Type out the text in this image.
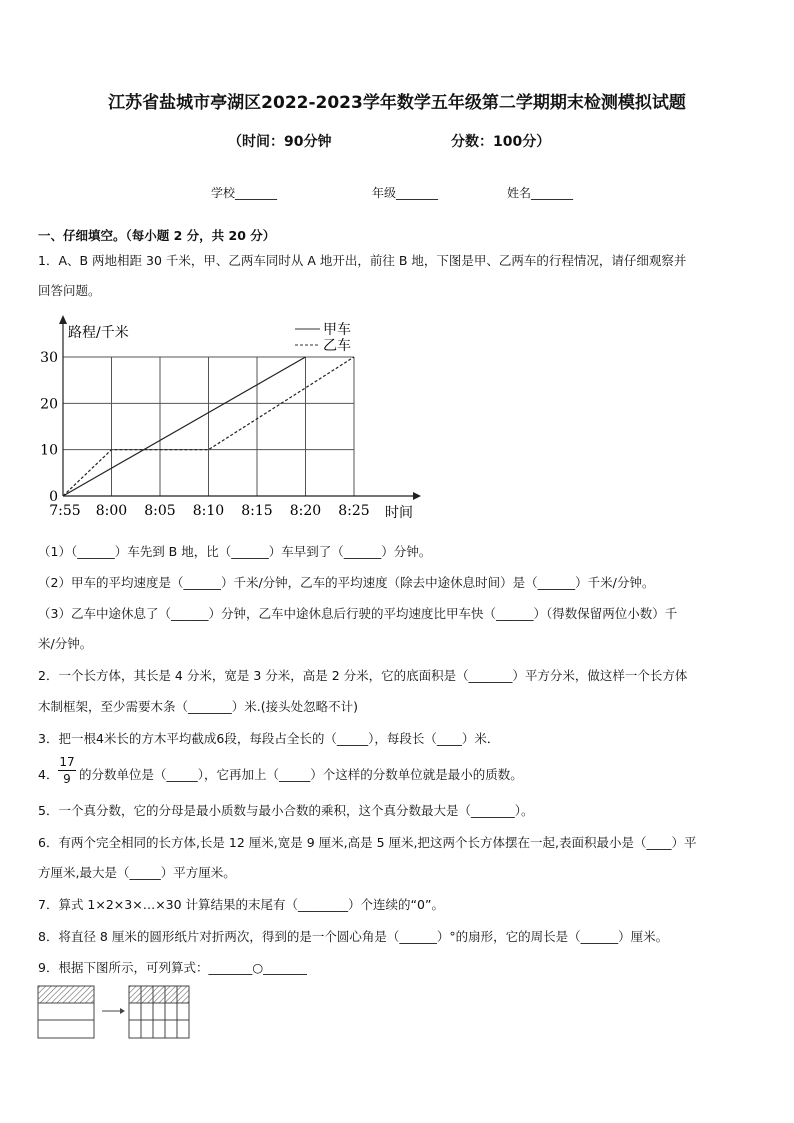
江苏省盐城市亭湖区2022-2023学年数学五年级第二学期期末检测模拟试题
（时间：90分钟	分数：100分）
学校_______	年级_______	姓名_______
一、仔细填空。（每小题 2 分，共 20 分）
1．A、B 两地相距 30 千米，甲、乙两车同时从 A 地开出，前往 B 地，下图是甲、乙两车的行程情况，请仔细观察并
回答问题。
0
10
20
30
7:55 8:00 8:05 8:10 8:15 8:20 8:25
路程/千米
时间
甲车
乙车
（1）（______）车先到 B 地，比（______）车早到了（______）分钟。
（2）甲车的平均速度是（______）千米/分钟，乙车的平均速度（除去中途休息时间）是（______）千米/分钟。
（3）乙车中途休息了（______）分钟，乙车中途休息后行驶的平均速度比甲车快（______）（得数保留两位小数）千
米/分钟。
2．一个长方体，其长是 4 分米，宽是 3 分米，高是 2 分米，它的底面积是（_______）平方分米，做这样一个长方体
木制框架，至少需要木条（_______）米.(接头处忽略不计)
3．把一根4米长的方木平均截成6段，每段占全长的（_____），每段长（____）米．
4．
17
9 的分数单位是（_____），它再加上（_____）个这样的分数单位就是最小的质数。
5．一个真分数，它的分母是最小质数与最小合数的乘积，这个真分数最大是（_______）。
6．有两个完全相同的长方体,长是 12 厘米,宽是 9 厘米,高是 5 厘米,把这两个长方体摆在一起,表面积最小是（____）平
方厘米,最大是（_____）平方厘米。
7．算式 1×2×3×…×30 计算结果的末尾有（________）个连续的“0”。
8．将直径 8 厘米的圆形纸片对折两次，得到的是一个圆心角是（______）°的扇形，它的周长是（______）厘米。
9．根据下图所示，可列算式：_______○_______
